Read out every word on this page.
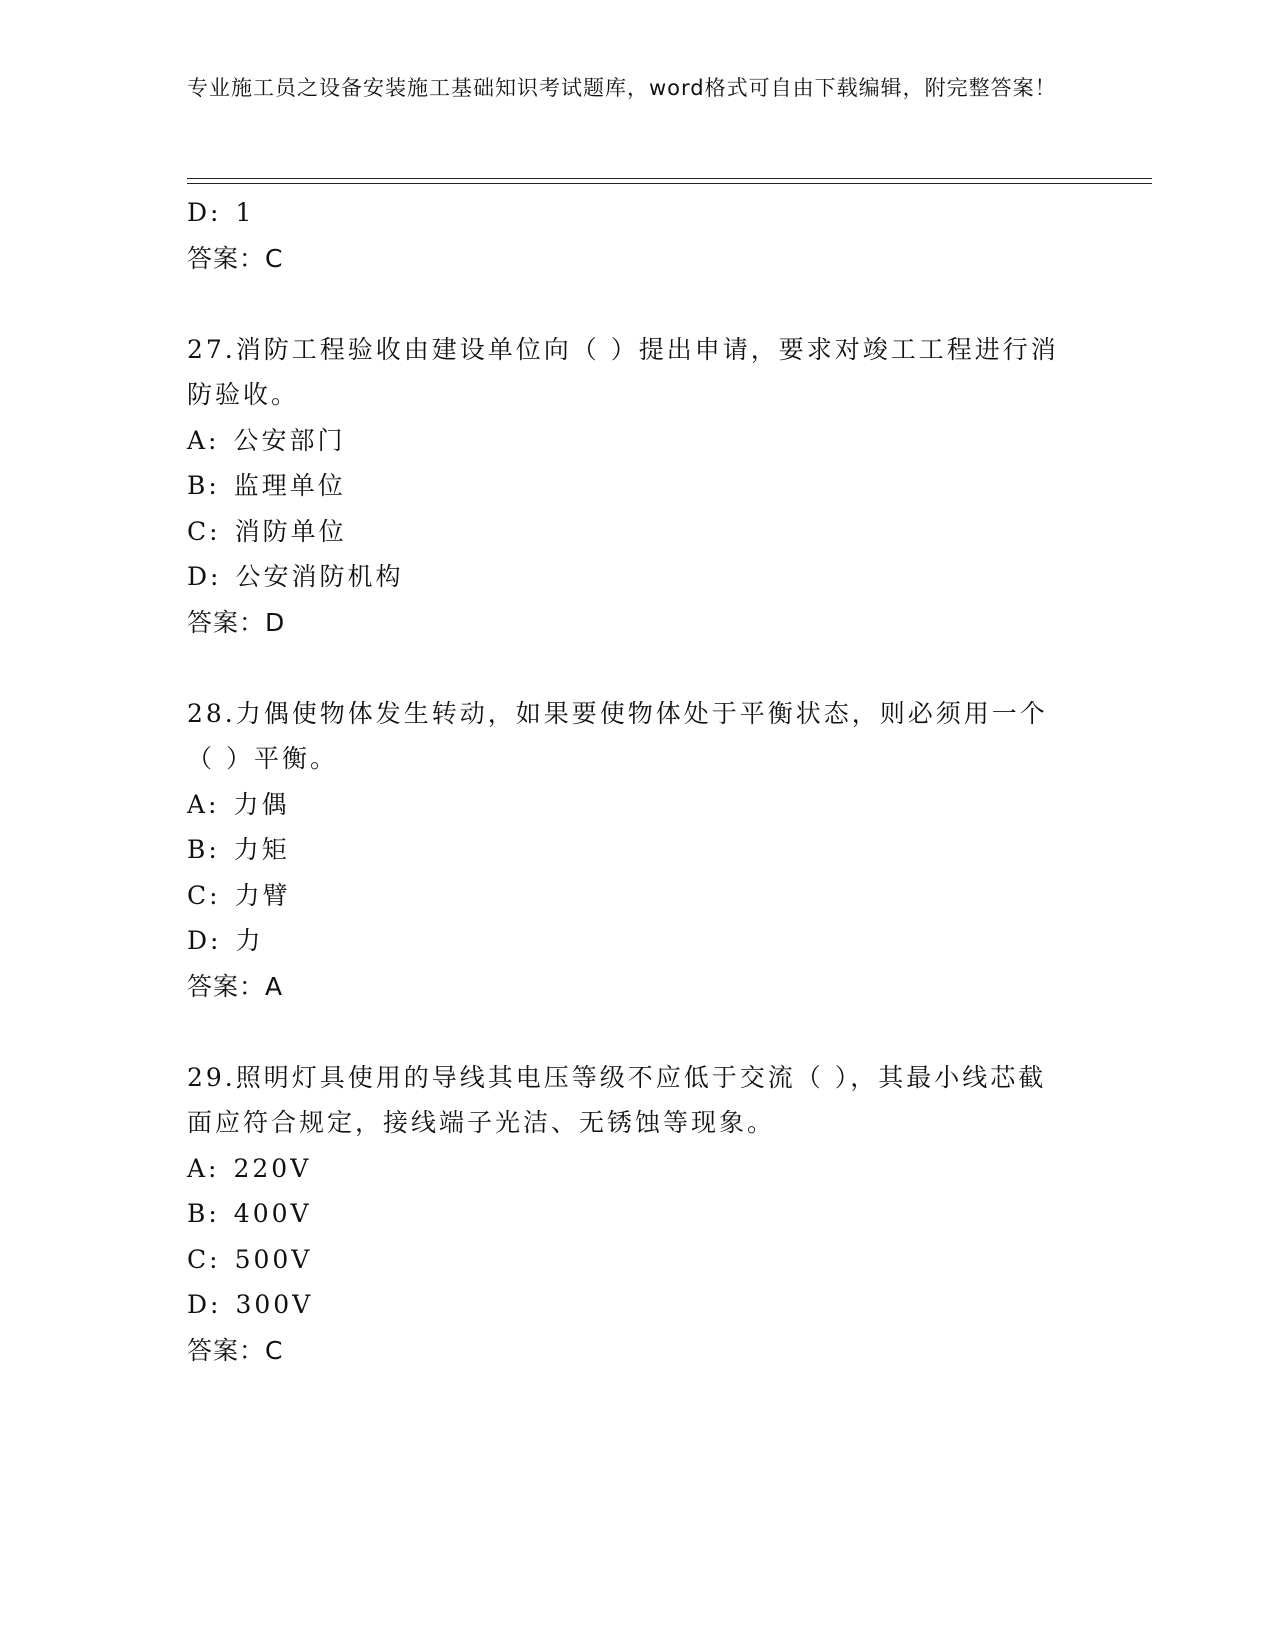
专业施工员之设备安装施工基础知识考试题库，word格式可自由下载编辑，附完整答案！
D: 1
答案：C
27.消防工程验收由建设单位向（ ）提出申请，要求对竣工工程进行消防验收。
A: 公安部门
B: 监理单位
C: 消防单位
D: 公安消防机构
答案：D
28.力偶使物体发生转动，如果要使物体处于平衡状态，则必须用一个（ ）平衡。
A: 力偶
B: 力矩
C: 力臂
D: 力
答案：A
29.照明灯具使用的导线其电压等级不应低于交流（ ），其最小线芯截面应符合规定，接线端子光洁、无锈蚀等现象。
A: 220V
B: 400V
C: 500V
D: 300V
答案：C
